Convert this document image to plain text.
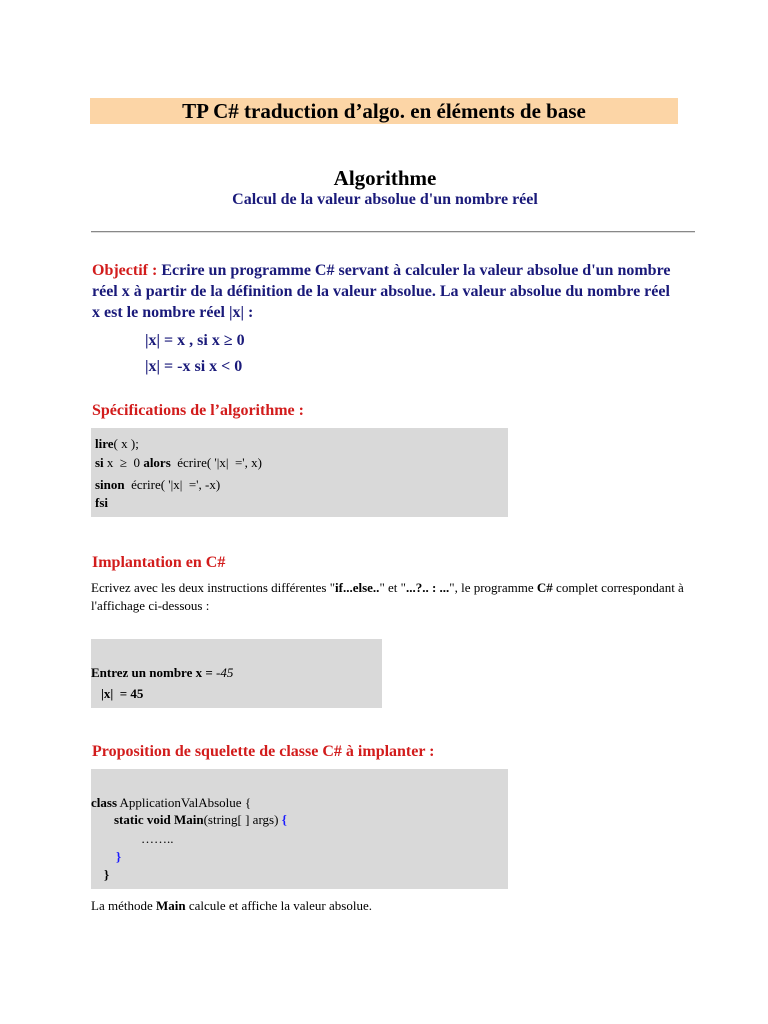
TP C# traduction d’algo. en éléments de base
Algorithme
Calcul de la valeur absolue d'un nombre réel
Objectif : Ecrire un programme C# servant à calculer la valeur absolue d'un nombre réel x à partir de la définition de la valeur absolue. La valeur absolue du nombre réel x est le nombre réel |x| :
|x| = x , si x ≥ 0
|x| = -x si x < 0
Spécifications de l’algorithme :
lire( x );
si x  ≥  0 alors  écrire( '|x|  =', x)
sinon  écrire( '|x|  =', -x)
fsi
Implantation en C#
Ecrivez avec les deux instructions différentes "if...else.." et "...?.. : ...", le programme C# complet correspondant à l'affichage ci-dessous :
Entrez un nombre x = -45
|x|  = 45
Proposition de squelette de classe C# à implanter :
class ApplicationValAbsolue {
static void Main(string[ ] args) {
……..
}
}
La méthode Main calcule et affiche la valeur absolue.
